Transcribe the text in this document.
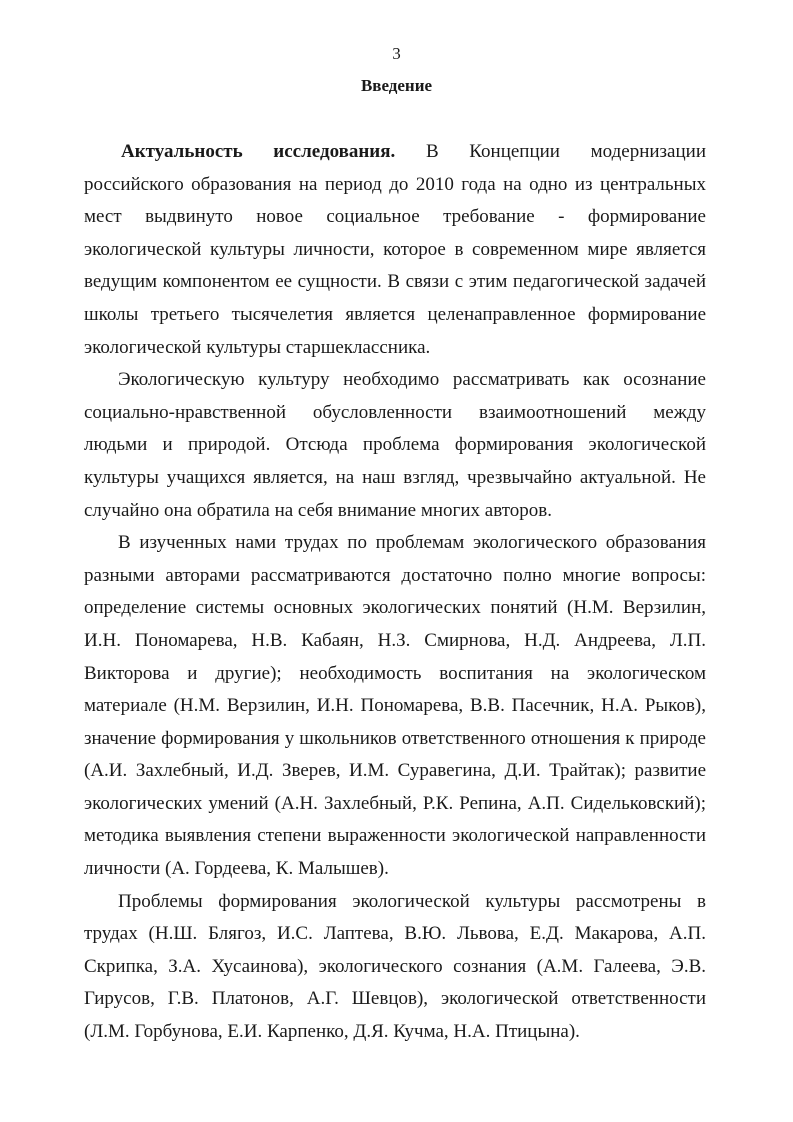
3
Введение

Актуальность исследования. В Концепции модернизации российского образования на период до 2010 года на одно из центральных мест выдвинуто новое социальное требование - формирование экологической культуры личности, которое в современном мире является ведущим компонентом ее сущности. В связи с этим педагогической задачей школы третьего тысячелетия является целенаправленное формирование экологической культуры старшеклассника.

Экологическую культуру необходимо рассматривать как осознание социально-нравственной обусловленности взаимоотношений между людьми и природой. Отсюда проблема формирования экологической культуры учащихся является, на наш взгляд, чрезвычайно актуальной. Не случайно она обратила на себя внимание многих авторов.

В изученных нами трудах по проблемам экологического образования разными авторами рассматриваются достаточно полно многие вопросы: определение системы основных экологических понятий (Н.М. Верзилин, И.Н. Пономарева, Н.В. Кабаян, Н.З. Смирнова, Н.Д. Андреева, Л.П. Викторова и другие); необходимость воспитания на экологическом материале (Н.М. Верзилин, И.Н. Пономарева, В.В. Пасечник, Н.А. Рыков), значение формирования у школьников ответственного отношения к природе (А.И. Захлебный, И.Д. Зверев, И.М. Суравегина, Д.И. Трайтак); развитие экологических умений (А.Н. Захлебный, Р.К. Репина, А.П. Сидельковский); методика выявления степени выраженности экологической направленности личности (А. Гордеева, К. Малышев).

Проблемы формирования экологической культуры рассмотрены в трудах (Н.Ш. Блягоз, И.С. Лаптева, В.Ю. Львова, Е.Д. Макарова, А.П. Скрипка, З.А. Хусаинова), экологического сознания (А.М. Галеева, Э.В. Гирусов, Г.В. Платонов, А.Г. Шевцов), экологической ответственности (Л.М. Горбунова, Е.И. Карпенко, Д.Я. Кучма, Н.А. Птицына).
